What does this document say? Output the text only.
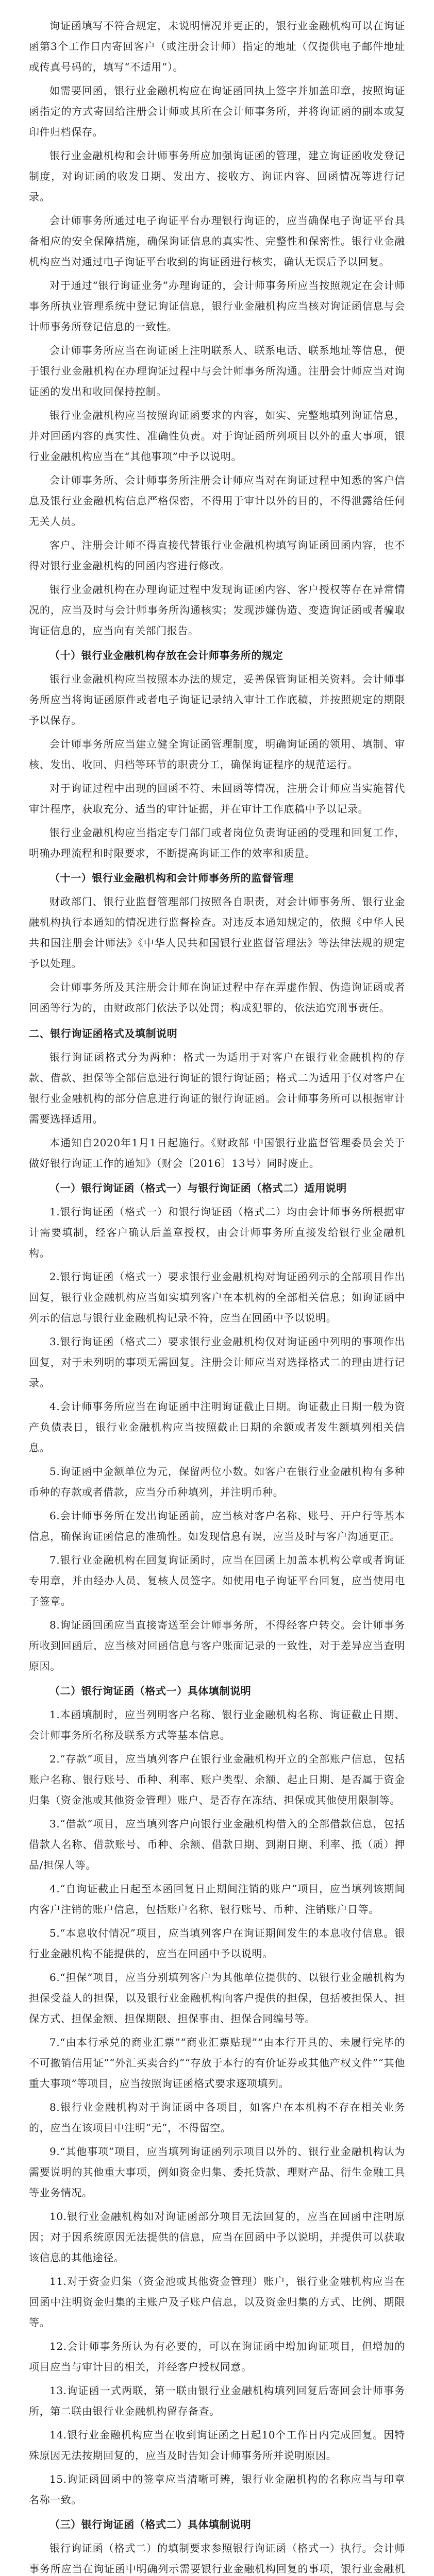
询证函填写不符合规定，未说明情况并更正的，银行业金融机构可以在询证函第3个工作日内寄回客户（或注册会计师）指定的地址（仅提供电子邮件地址或传真号码的，填写“不适用”）。

如需要回函，银行业金融机构应在询证函回执上签字并加盖印章，按照询证函指定的方式寄回给注册会计师或其所在会计师事务所，并将询证函的副本或复印件归档保存。

银行业金融机构和会计师事务所应加强询证函的管理，建立询证函收发登记制度，对询证函的收发日期、发出方、接收方、询证内容、回函情况等进行记录。

会计师事务所通过电子询证平台办理银行询证的，应当确保电子询证平台具备相应的安全保障措施，确保询证信息的真实性、完整性和保密性。银行业金融机构应当对通过电子询证平台收到的询证函进行核实，确认无误后予以回复。

对于通过“银行询证业务”办理询证的，会计师事务所应当按照规定在会计师事务所执业管理系统中登记询证信息，银行业金融机构应当核对询证函信息与会计师事务所登记信息的一致性。

会计师事务所应当在询证函上注明联系人、联系电话、联系地址等信息，便于银行业金融机构在办理询证过程中与会计师事务所沟通。注册会计师应当对询证函的发出和收回保持控制。

银行业金融机构应当按照询证函要求的内容，如实、完整地填列询证信息，并对回函内容的真实性、准确性负责。对于询证函所列项目以外的重大事项，银行业金融机构应当在“其他事项”中予以说明。

会计师事务所、会计师事务所注册会计师应当对在询证过程中知悉的客户信息及银行业金融机构信息严格保密，不得用于审计以外的目的，不得泄露给任何无关人员。

客户、注册会计师不得直接代替银行业金融机构填写询证函回函内容，也不得对银行业金融机构的回函内容进行修改。

银行业金融机构在办理询证过程中发现询证函内容、客户授权等存在异常情况的，应当及时与会计师事务所沟通核实；发现涉嫌伪造、变造询证函或者骗取询证信息的，应当向有关部门报告。

（十）银行业金融机构存放在会计师事务所的规定

银行业金融机构应当按照本办法的规定，妥善保管询证相关资料。会计师事务所应当将询证函原件或者电子询证记录纳入审计工作底稿，并按照规定的期限予以保存。

会计师事务所应当建立健全询证函管理制度，明确询证函的领用、填制、审核、发出、收回、归档等环节的职责分工，确保询证程序的规范运行。

对于询证过程中出现的回函不符、未回函等情况，注册会计师应当实施替代审计程序，获取充分、适当的审计证据，并在审计工作底稿中予以记录。

银行业金融机构应当指定专门部门或者岗位负责询证函的受理和回复工作，明确办理流程和时限要求，不断提高询证工作的效率和质量。

（十一）银行业金融机构和会计师事务所的监督管理

财政部门、银行业监督管理部门按照各自职责，对会计师事务所、银行业金融机构执行本通知的情况进行监督检查。对违反本通知规定的，依照《中华人民共和国注册会计师法》《中华人民共和国银行业监督管理法》等法律法规的规定予以处理。

会计师事务所及其注册会计师在询证过程中存在弄虚作假、伪造询证函或者回函等行为的，由财政部门依法予以处罚；构成犯罪的，依法追究刑事责任。

二、银行询证函格式及填制说明

银行询证函格式分为两种：格式一为适用于对客户在银行业金融机构的存款、借款、担保等全部信息进行询证的银行询证函；格式二为适用于仅对客户在银行业金融机构的部分信息进行询证的银行询证函。会计师事务所可以根据审计需要选择适用。

本通知自2020年1月1日起施行。《财政部 中国银行业监督管理委员会关于做好银行询证工作的通知》（财会〔2016〕13号）同时废止。

（一）银行询证函（格式一）与银行询证函（格式二）适用说明

1.银行询证函（格式一）和银行询证函（格式二）均由会计师事务所根据审计需要填制，经客户确认后盖章授权，由会计师事务所直接发给银行业金融机构。

2.银行询证函（格式一）要求银行业金融机构对询证函列示的全部项目作出回复，银行业金融机构应当如实填列客户在本机构的全部相关信息；如询证函中列示的信息与银行业金融机构记录不符，应当在回函中予以说明。

3.银行询证函（格式二）要求银行业金融机构仅对询证函中列明的事项作出回复，对于未列明的事项无需回复。注册会计师应当对选择格式二的理由进行记录。

4.会计师事务所应当在询证函中注明询证截止日期。询证截止日期一般为资产负债表日，银行业金融机构应当按照截止日期的余额或者发生额填列相关信息。

5.询证函中金额单位为元，保留两位小数。如客户在银行业金融机构有多种币种的存款或者借款，应当分币种填列，并注明币种。

6.会计师事务所在发出询证函前，应当核对客户名称、账号、开户行等基本信息，确保询证函信息的准确性。如发现信息有误，应当及时与客户沟通更正。

7.银行业金融机构在回复询证函时，应当在回函上加盖本机构公章或者询证专用章，并由经办人员、复核人员签字。如使用电子询证平台回复，应当使用电子签章。

8.询证函回函应当直接寄送至会计师事务所，不得经客户转交。会计师事务所收到回函后，应当核对回函信息与客户账面记录的一致性，对于差异应当查明原因。

（二）银行询证函（格式一）具体填制说明

1.本函填制时，应当列明客户名称、银行业金融机构名称、询证截止日期、会计师事务所名称及联系方式等基本信息。

2.“存款”项目，应当填列客户在银行业金融机构开立的全部账户信息，包括账户名称、银行账号、币种、利率、账户类型、余额、起止日期、是否属于资金归集（资金池或其他资金管理）账户、是否存在冻结、担保或其他使用限制等。

3.“借款”项目，应当填列客户向银行业金融机构借入的全部借款信息，包括借款人名称、借款账号、币种、余额、借款日期、到期日期、利率、抵（质）押品/担保人等。

4.“自询证截止日起至本函回复日止期间注销的账户”项目，应当填列该期间内客户注销的账户信息，包括账户名称、银行账号、币种、注销账户日等。

5.“本息收付情况”项目，应当填列客户在询证期间发生的本息收付信息。银行业金融机构不能提供的，应当在回函中予以说明。

6.“担保”项目，应当分别填列客户为其他单位提供的、以银行业金融机构为担保受益人的担保，以及银行业金融机构向客户提供的担保，包括被担保人、担保方式、担保金额、担保期限、担保事由、担保合同编号等。

7.“由本行承兑的商业汇票”“商业汇票贴现”“由本行开具的、未履行完毕的不可撤销信用证”“外汇买卖合约”“存放于本行的有价证券或其他产权文件”“其他重大事项”等项目，应当按照询证函格式要求逐项填列。

8.银行业金融机构对于询证函中各项目，如客户在本机构不存在相关业务的，应当在该项目中注明“无”，不得留空。

9.“其他事项”项目，应当填列询证函列示项目以外的、银行业金融机构认为需要说明的其他重大事项，例如资金归集、委托贷款、理财产品、衍生金融工具等业务情况。

10.银行业金融机构如对询证函部分项目无法回复的，应当在回函中注明原因；对于因系统原因无法提供的信息，应当在回函中予以说明，并提供可以获取该信息的其他途径。

11.对于资金归集（资金池或其他资金管理）账户，银行业金融机构应当在回函中注明资金归集的主账户及子账户信息，以及资金归集的方式、比例、期限等。

12.会计师事务所认为有必要的，可以在询证函中增加询证项目，但增加的项目应当与审计目的相关，并经客户授权同意。

13.询证函一式两联，第一联由银行业金融机构填列回复后寄回会计师事务所，第二联由银行业金融机构留存备查。

14.银行业金融机构应当在收到询证函之日起10个工作日内完成回复。因特殊原因无法按期回复的，应当及时告知会计师事务所并说明原因。

15.询证函回函中的签章应当清晰可辨，银行业金融机构的名称应当与印章名称一致。

（三）银行询证函（格式二）具体填制说明

银行询证函（格式二）的填制要求参照银行询证函（格式一）执行。会计师事务所应当在询证函中明确列示需要银行业金融机构回复的事项，银行业金融机
